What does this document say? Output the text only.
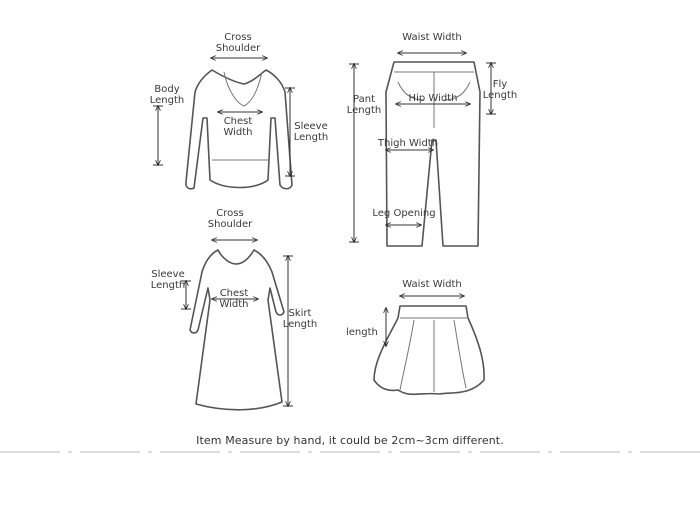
Cross
Shoulder
Body
Length
Chest
Width
Sleeve
Length
Waist Width
Pant
Length
Fly
Length
Hip Width
Thigh Width
Leg Opening
Cross
Shoulder
Sleeve
Length
Chest
Width
Skirt
Length
Waist Width
length
Item Measure by hand, it could be 2cm~3cm different.
